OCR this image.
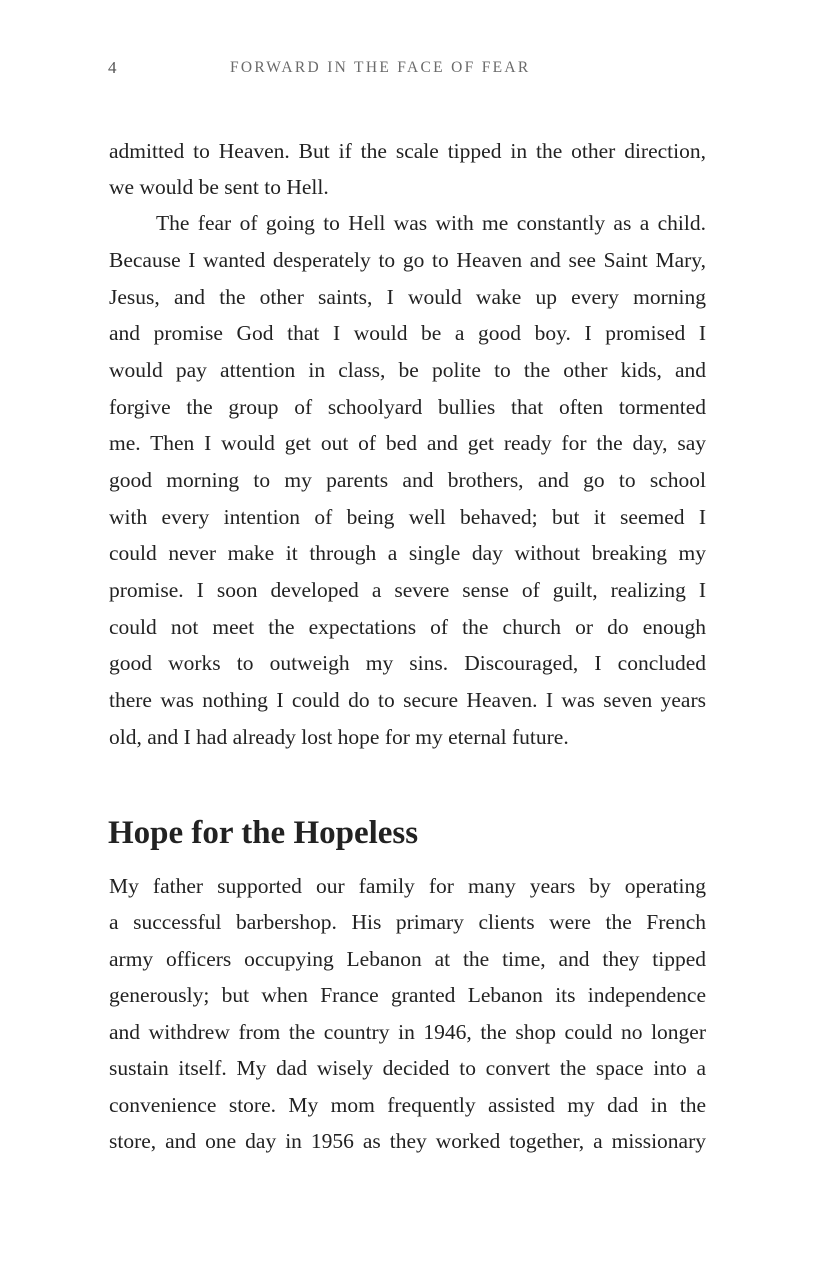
4	FORWARD IN THE FACE OF FEAR
admitted to Heaven. But if the scale tipped in the other direction,
we would be sent to Hell.
The fear of going to Hell was with me constantly as a child.
Because I wanted desperately to go to Heaven and see Saint Mary,
Jesus, and the other saints, I would wake up every morning
and promise God that I would be a good boy. I promised I
would pay attention in class, be polite to the other kids, and
forgive the group of schoolyard bullies that often tormented
me. Then I would get out of bed and get ready for the day, say
good morning to my parents and brothers, and go to school
with every intention of being well behaved; but it seemed I
could never make it through a single day without breaking my
promise. I soon developed a severe sense of guilt, realizing I
could not meet the expectations of the church or do enough
good works to outweigh my sins. Discouraged, I concluded
there was nothing I could do to secure Heaven. I was seven years
old, and I had already lost hope for my eternal future.
Hope for the Hopeless
My father supported our family for many years by operating
a successful barbershop. His primary clients were the French
army officers occupying Lebanon at the time, and they tipped
generously; but when France granted Lebanon its independence
and withdrew from the country in 1946, the shop could no longer
sustain itself. My dad wisely decided to convert the space into a
convenience store. My mom frequently assisted my dad in the
store, and one day in 1956 as they worked together, a missionary
